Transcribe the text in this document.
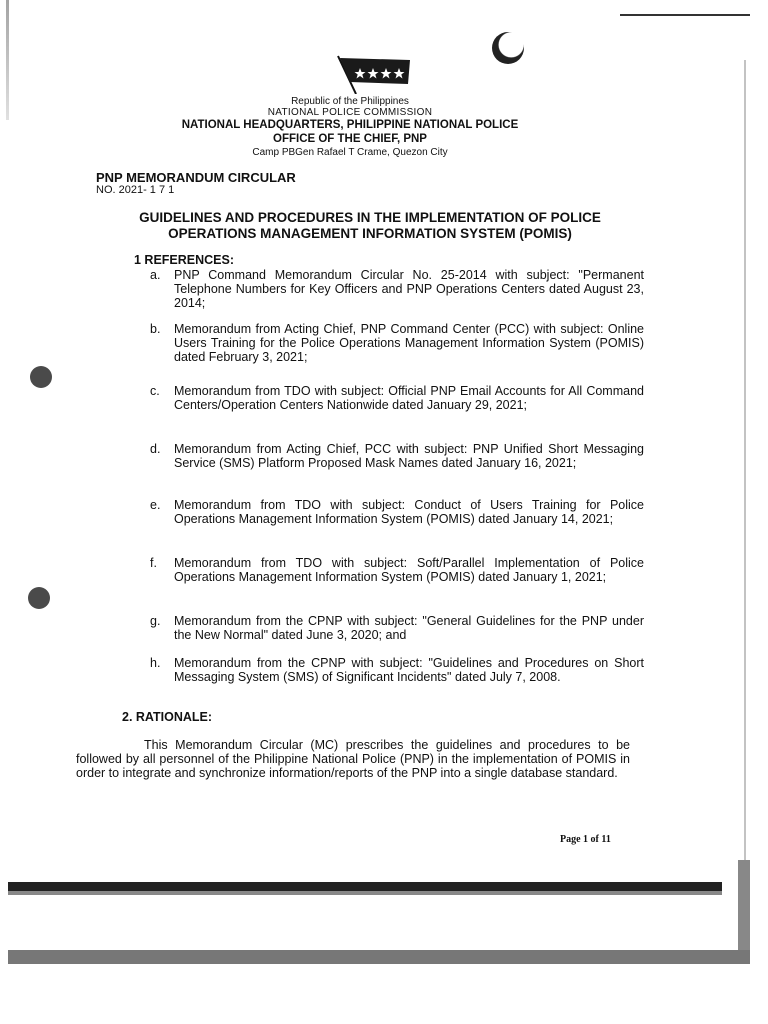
Republic of the Philippines
NATIONAL POLICE COMMISSION
NATIONAL HEADQUARTERS, PHILIPPINE NATIONAL POLICE
OFFICE OF THE CHIEF, PNP
Camp PBGen Rafael T Crame, Quezon City
PNP MEMORANDUM CIRCULAR
NO. 2021- 1 7 1
GUIDELINES AND PROCEDURES IN THE IMPLEMENTATION OF POLICE OPERATIONS MANAGEMENT INFORMATION SYSTEM (POMIS)
1 REFERENCES:
a. PNP Command Memorandum Circular No. 25-2014 with subject: "Permanent Telephone Numbers for Key Officers and PNP Operations Centers dated August 23, 2014;
b. Memorandum from Acting Chief, PNP Command Center (PCC) with subject: Online Users Training for the Police Operations Management Information System (POMIS) dated February 3, 2021;
c. Memorandum from TDO with subject: Official PNP Email Accounts for All Command Centers/Operation Centers Nationwide dated January 29, 2021;
d. Memorandum from Acting Chief, PCC with subject: PNP Unified Short Messaging Service (SMS) Platform Proposed Mask Names dated January 16, 2021;
e. Memorandum from TDO with subject: Conduct of Users Training for Police Operations Management Information System (POMIS) dated January 14, 2021;
f. Memorandum from TDO with subject: Soft/Parallel Implementation of Police Operations Management Information System (POMIS) dated January 1, 2021;
g. Memorandum from the CPNP with subject: "General Guidelines for the PNP under the New Normal" dated June 3, 2020; and
h. Memorandum from the CPNP with subject: "Guidelines and Procedures on Short Messaging System (SMS) of Significant Incidents" dated July 7, 2008.
2. RATIONALE:
This Memorandum Circular (MC) prescribes the guidelines and procedures to be followed by all personnel of the Philippine National Police (PNP) in the implementation of POMIS in order to integrate and synchronize information/reports of the PNP into a single database standard.
Page 1 of 11
